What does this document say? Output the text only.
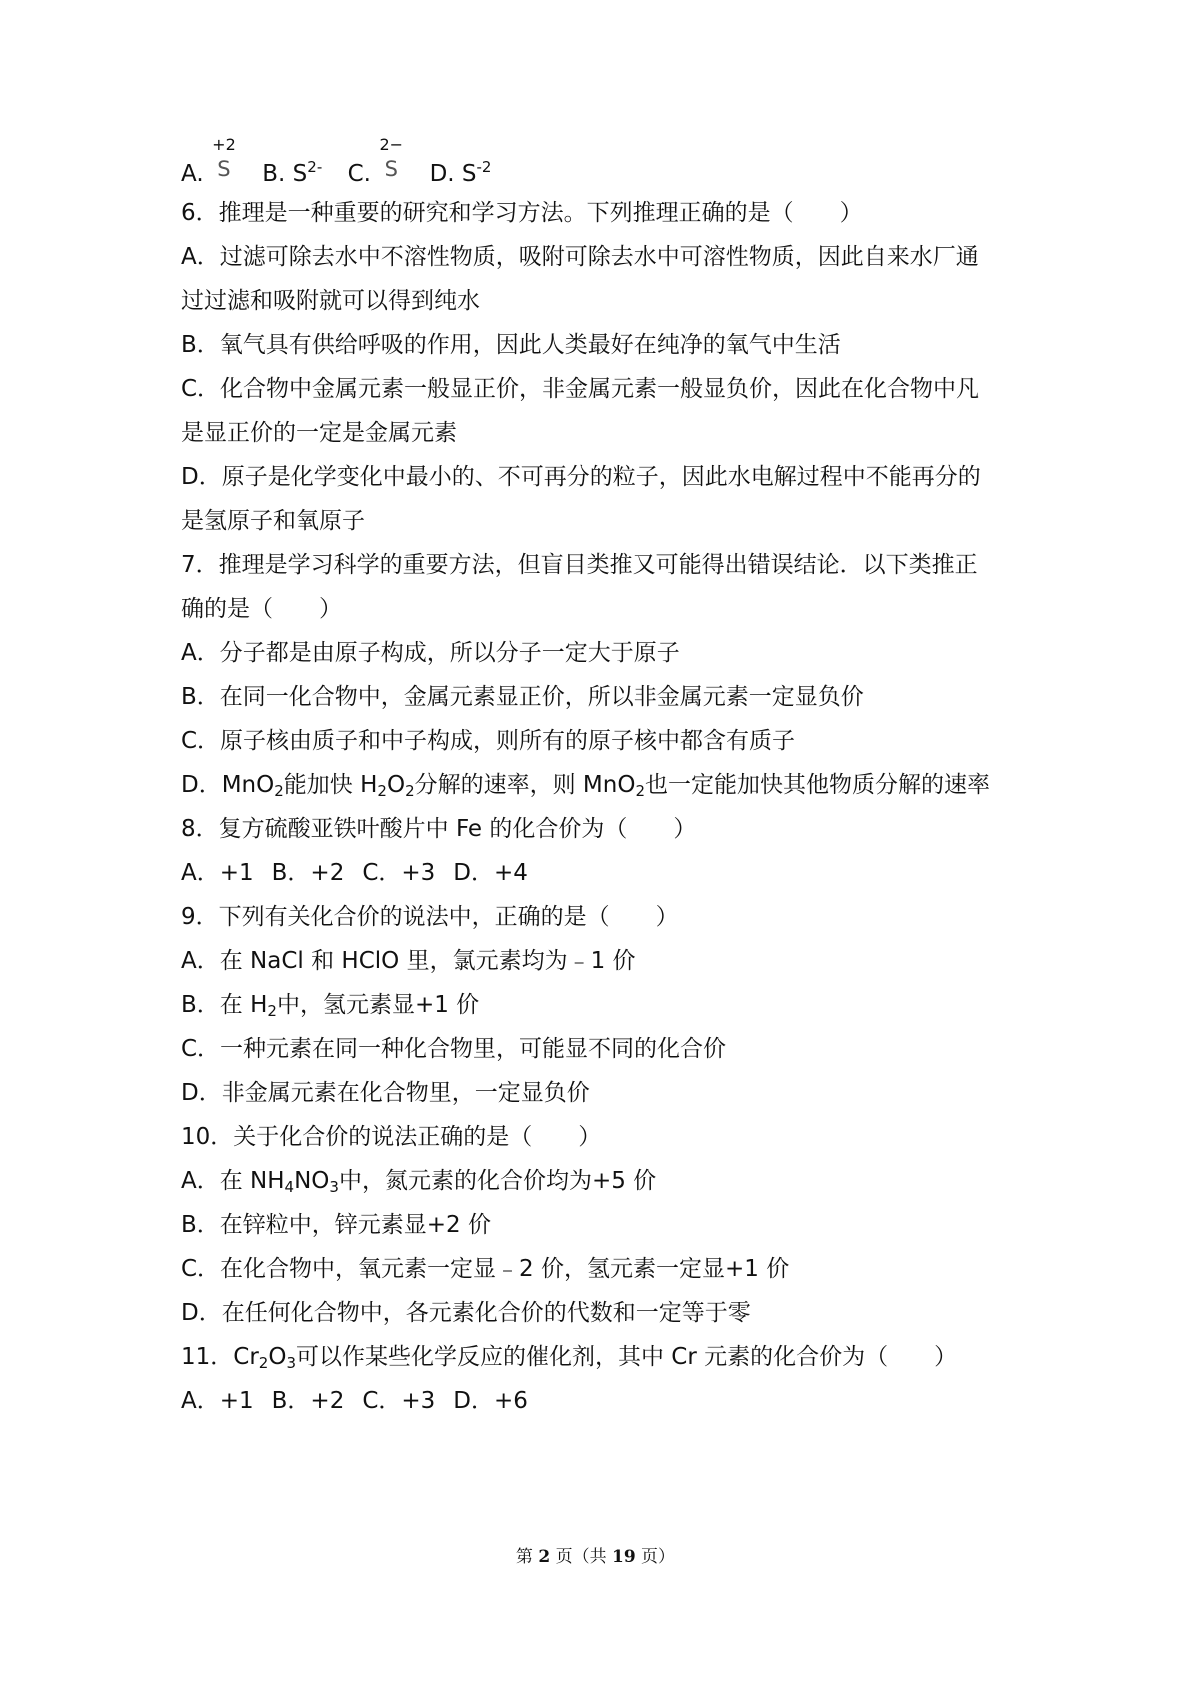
A.
+2
S B. $S^{2-}$ C.
2−
S D. $S^{-2}$
6．推理是一种重要的研究和学习方法。下列推理正确的是（　　）
A．过滤可除去水中不溶性物质，吸附可除去水中可溶性物质，因此自来水厂通
过过滤和吸附就可以得到纯水
B．氧气具有供给呼吸的作用，因此人类最好在纯净的氧气中生活
C．化合物中金属元素一般显正价，非金属元素一般显负价，因此在化合物中凡
是显正价的一定是金属元素
D．原子是化学变化中最小的、不可再分的粒子，因此水电解过程中不能再分的
是氢原子和氧原子
7．推理是学习科学的重要方法，但盲目类推又可能得出错误结论．以下类推正
确的是（　　）
A．分子都是由原子构成，所以分子一定大于原子
B．在同一化合物中，金属元素显正价，所以非金属元素一定显负价
C．原子核由质子和中子构成，则所有的原子核中都含有质子
D．MnO$_2$能加快 $H_2O_2$分解的速率，则 MnO$_2$也一定能加快其他物质分解的速率
8．复方硫酸亚铁叶酸片中 Fe 的化合价为（　　）
A．+1 B．+2 C．+3 D．+4
9．下列有关化合价的说法中，正确的是（　　）
A．在 NaCl 和 HClO 里，氯元素均为﹣1 价
B．在 $H_2$中，氢元素显+1 价
C．一种元素在同一种化合物里，可能显不同的化合价
D．非金属元素在化合物里，一定显负价
10．关于化合价的说法正确的是（　　）
A．在 $NH_4NO_3$中，氮元素的化合价均为+5 价
B．在锌粒中，锌元素显+2 价
C．在化合物中，氧元素一定显﹣2 价，氢元素一定显+1 价
D．在任何化合物中，各元素化合价的代数和一定等于零
11．$Cr_2O_3$可以作某些化学反应的催化剂，其中 Cr 元素的化合价为（　　）
A．+1 B．+2 C．+3 D．+6
第 2 页（共 19 页）
